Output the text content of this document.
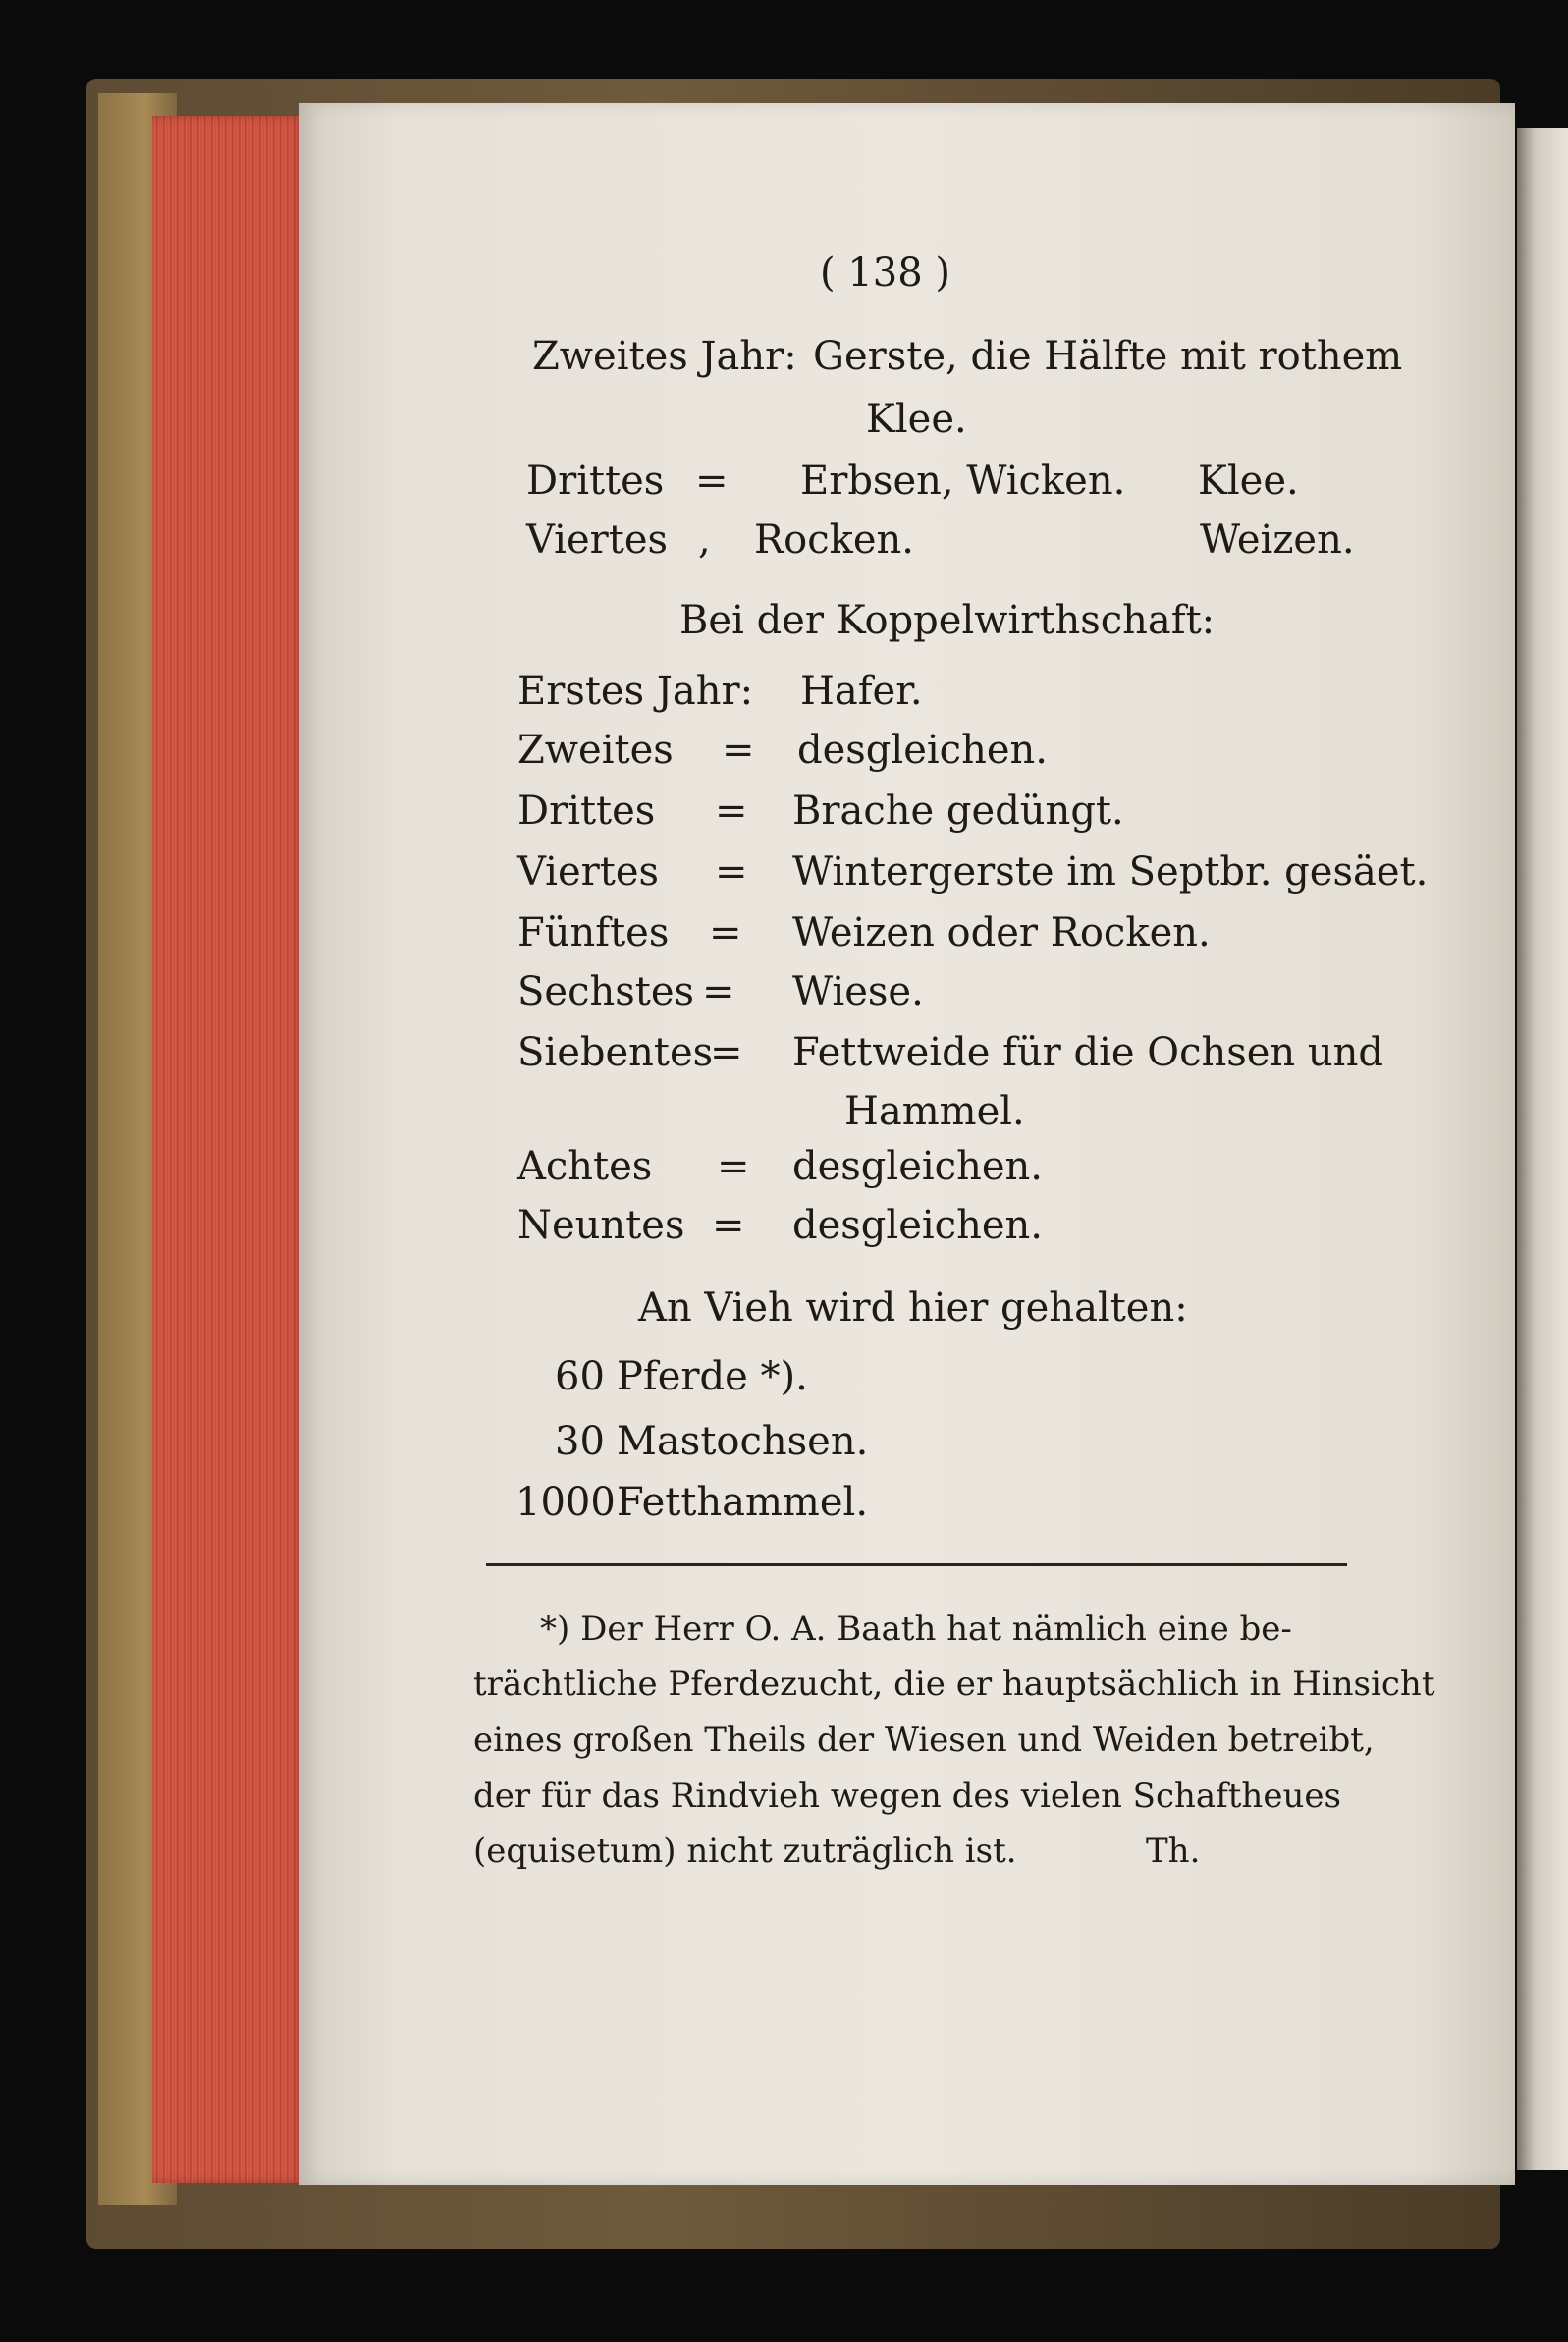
( 138 )
Zweites Jahr: Gerste, die Hälfte mit rothem
Klee.
Drittes = Erbsen, Wicken. Klee.
Viertes , Rocken.	Weizen.
Bei der Koppelwirthschaft:
Erstes Jahr: Hafer.
Zweites = desgleichen.
Drittes = Brache gedüngt.
Viertes = Wintergerste im Septbr. gesäet.
Fünftes = Weizen oder Rocken.
Sechstes = Wiese.
Siebentes
= Fettweide für die Ochsen und
Hammel.
Achtes = desgleichen.
Neuntes = desgleichen.
An Vieh wird hier gehalten:
60 Pferde *).
30 Mastochsen.
1000 Fetthammel.
*) Der Herr O. A. Baath hat nämlich eine be-
trächtliche Pferdezucht, die er hauptsächlich in Hinsicht
eines großen Theils der Wiesen und Weiden betreibt,
der für das Rindvieh wegen des vielen Schaftheues
(equisetum) nicht zuträglich ist.	Th.
